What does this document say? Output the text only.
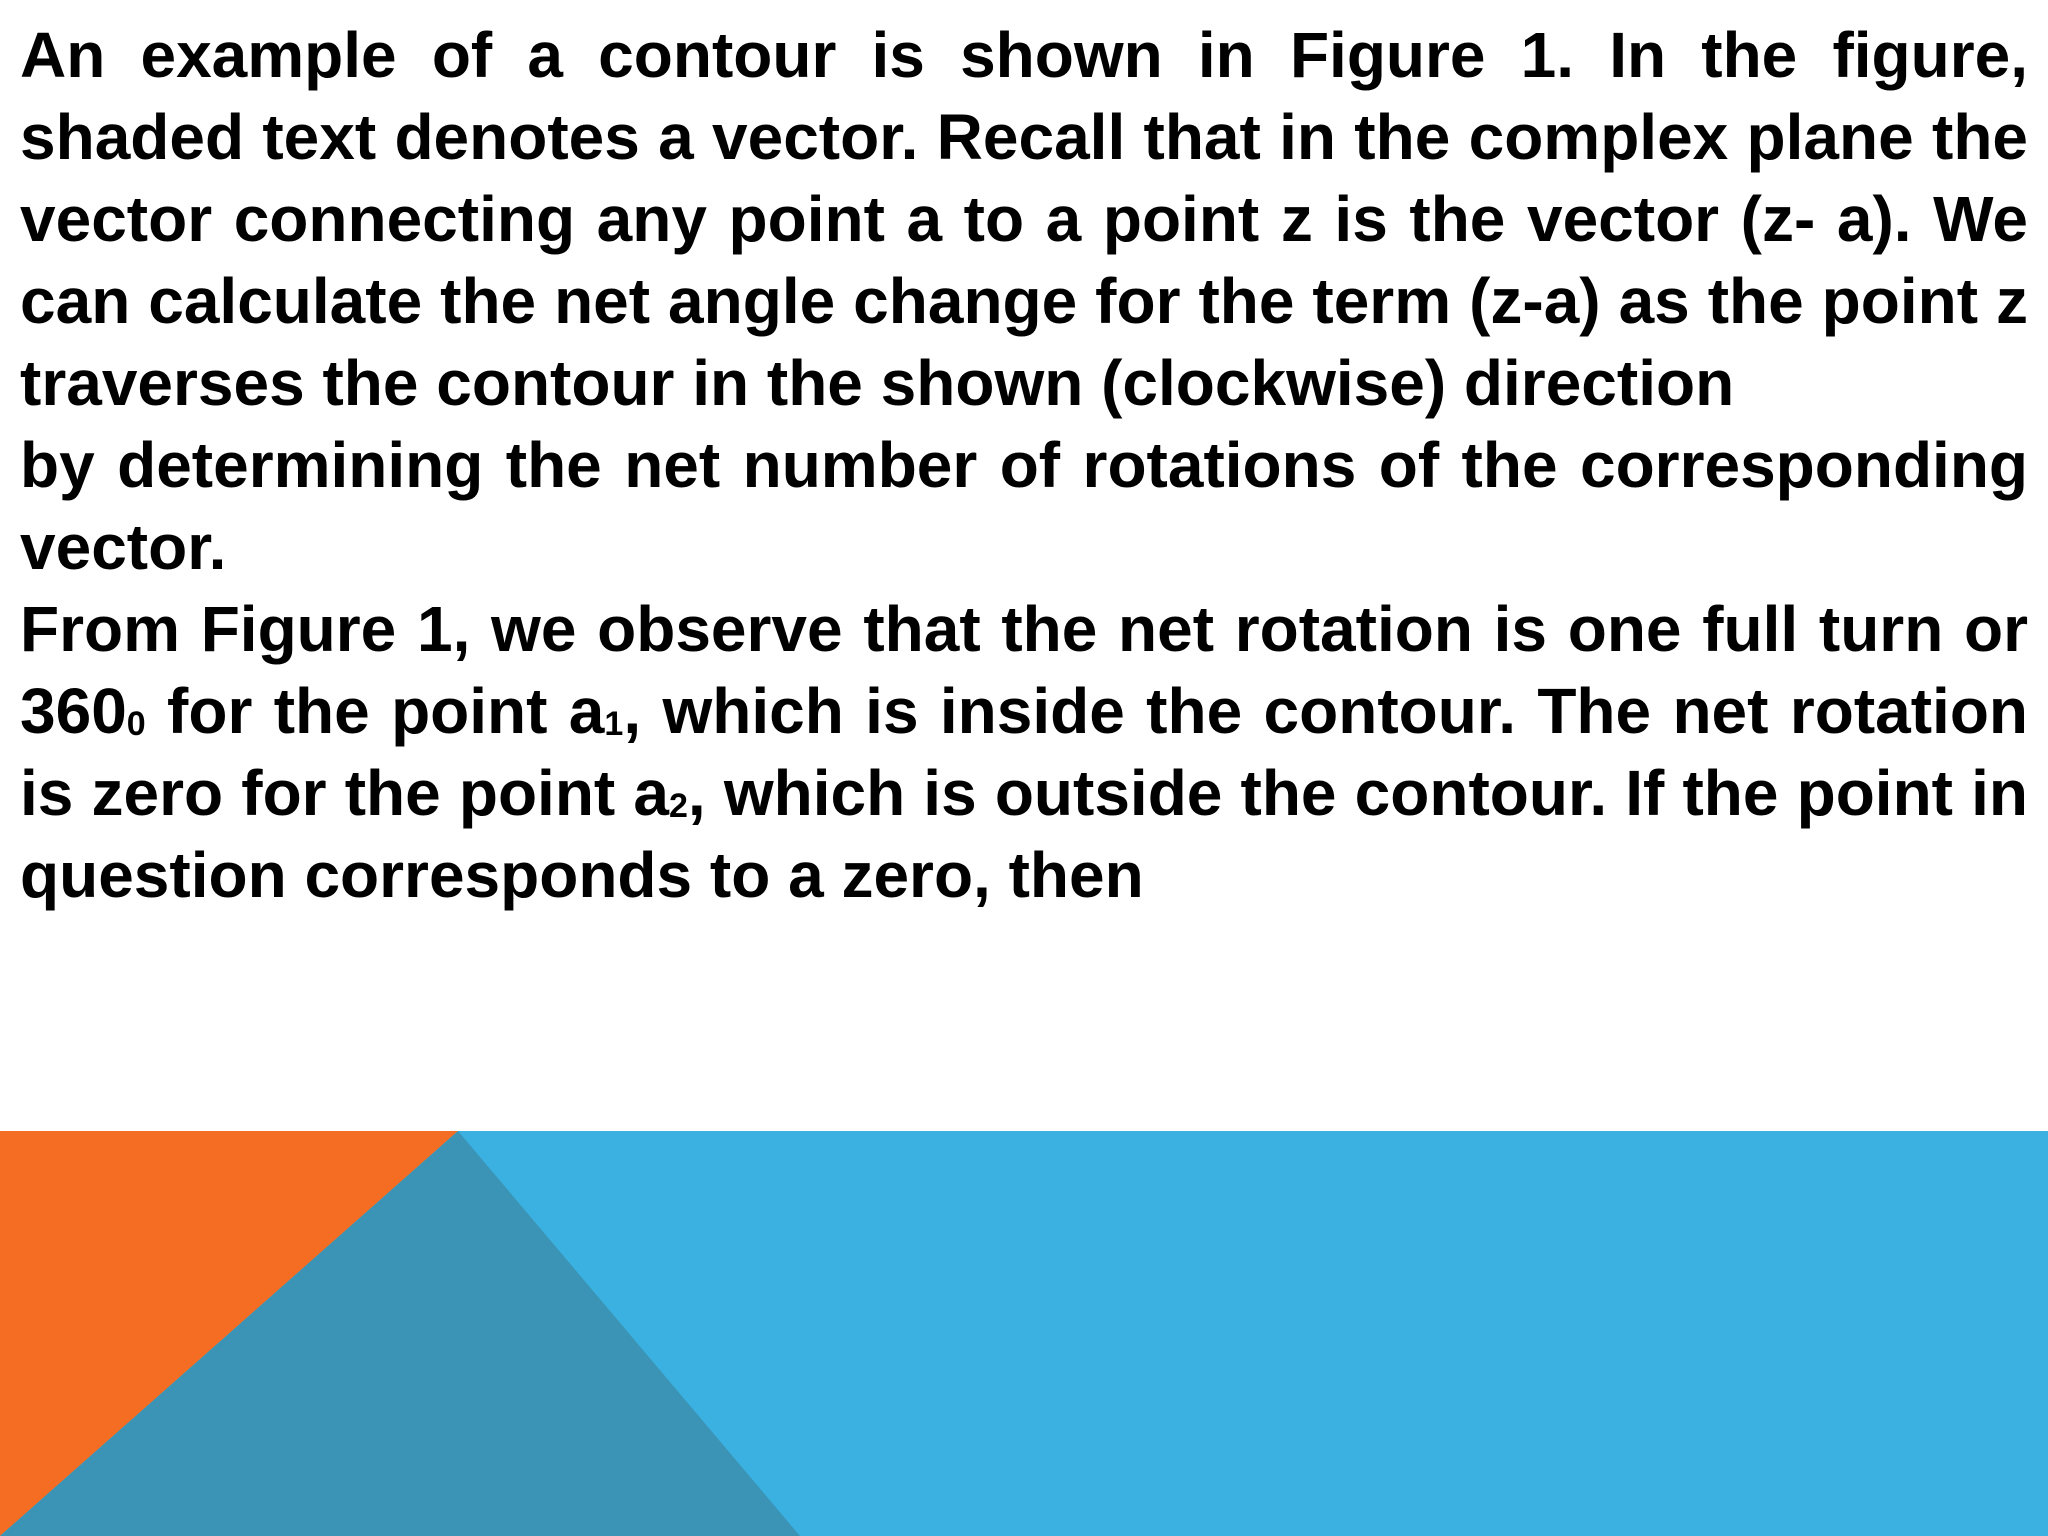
An example of a contour is shown in Figure 1. In the figure, shaded text denotes a vector. Recall that in the complex plane the vector connecting any point a to a point z is the vector (z- a). We can calculate the net angle change for the term (z-a) as the point z traverses the contour in the shown (clockwise) direction

by determining the net number of rotations of the corresponding vector.

From Figure 1, we observe that the net rotation is one full turn or 3600 for the point a1, which is inside the contour. The net rotation is zero for the point a2, which is outside the contour. If the point in question corresponds to a zero, then
